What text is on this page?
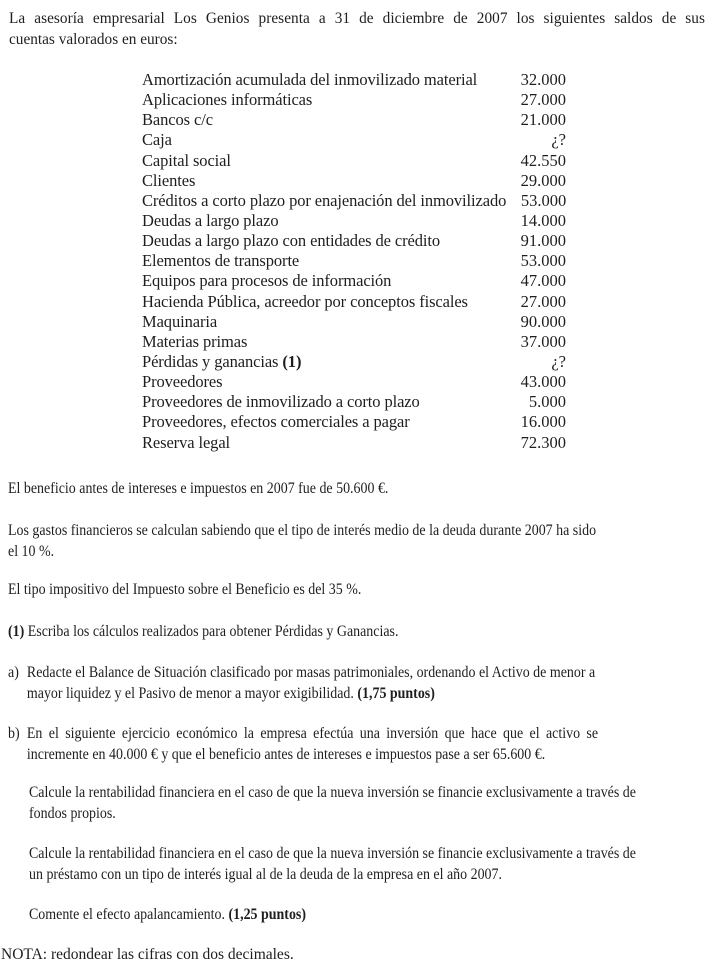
La asesoría empresarial Los Genios presenta a 31 de diciembre de 2007 los siguientes saldos de sus
cuentas valorados en euros:
Amortización acumulada del inmovilizado material	32.000
Aplicaciones informáticas	27.000
Bancos c/c	21.000
Caja	¿?
Capital social	42.550
Clientes	29.000
Créditos a corto plazo por enajenación del inmovilizado 53.000
Deudas a largo plazo	14.000
Deudas a largo plazo con entidades de crédito	91.000
Elementos de transporte	53.000
Equipos para procesos de información	47.000
Hacienda Pública, acreedor por conceptos fiscales	27.000
Maquinaria	90.000
Materias primas	37.000
Pérdidas y ganancias (1)	¿?
Proveedores	43.000
Proveedores de inmovilizado a corto plazo	5.000
Proveedores, efectos comerciales a pagar	16.000
Reserva legal	72.300
El beneficio antes de intereses e impuestos en 2007 fue de 50.600 €.
Los gastos financieros se calculan sabiendo que el tipo de interés medio de la deuda durante 2007 ha sido
el 10 %.
El tipo impositivo del Impuesto sobre el Beneficio es del 35 %.
(1) Escriba los cálculos realizados para obtener Pérdidas y Ganancias.
a) Redacte el Balance de Situación clasificado por masas patrimoniales, ordenando el Activo de menor a
mayor liquidez y el Pasivo de menor a mayor exigibilidad. (1,75 puntos)
b) En el siguiente ejercicio económico la empresa efectúa una inversión que hace que el activo se
incremente en 40.000 € y que el beneficio antes de intereses e impuestos pase a ser 65.600 €.
Calcule la rentabilidad financiera en el caso de que la nueva inversión se financie exclusivamente a través de
fondos propios.
Calcule la rentabilidad financiera en el caso de que la nueva inversión se financie exclusivamente a través de
un préstamo con un tipo de interés igual al de la deuda de la empresa en el año 2007.
Comente el efecto apalancamiento. (1,25 puntos)
NOTA: redondear las cifras con dos decimales.
